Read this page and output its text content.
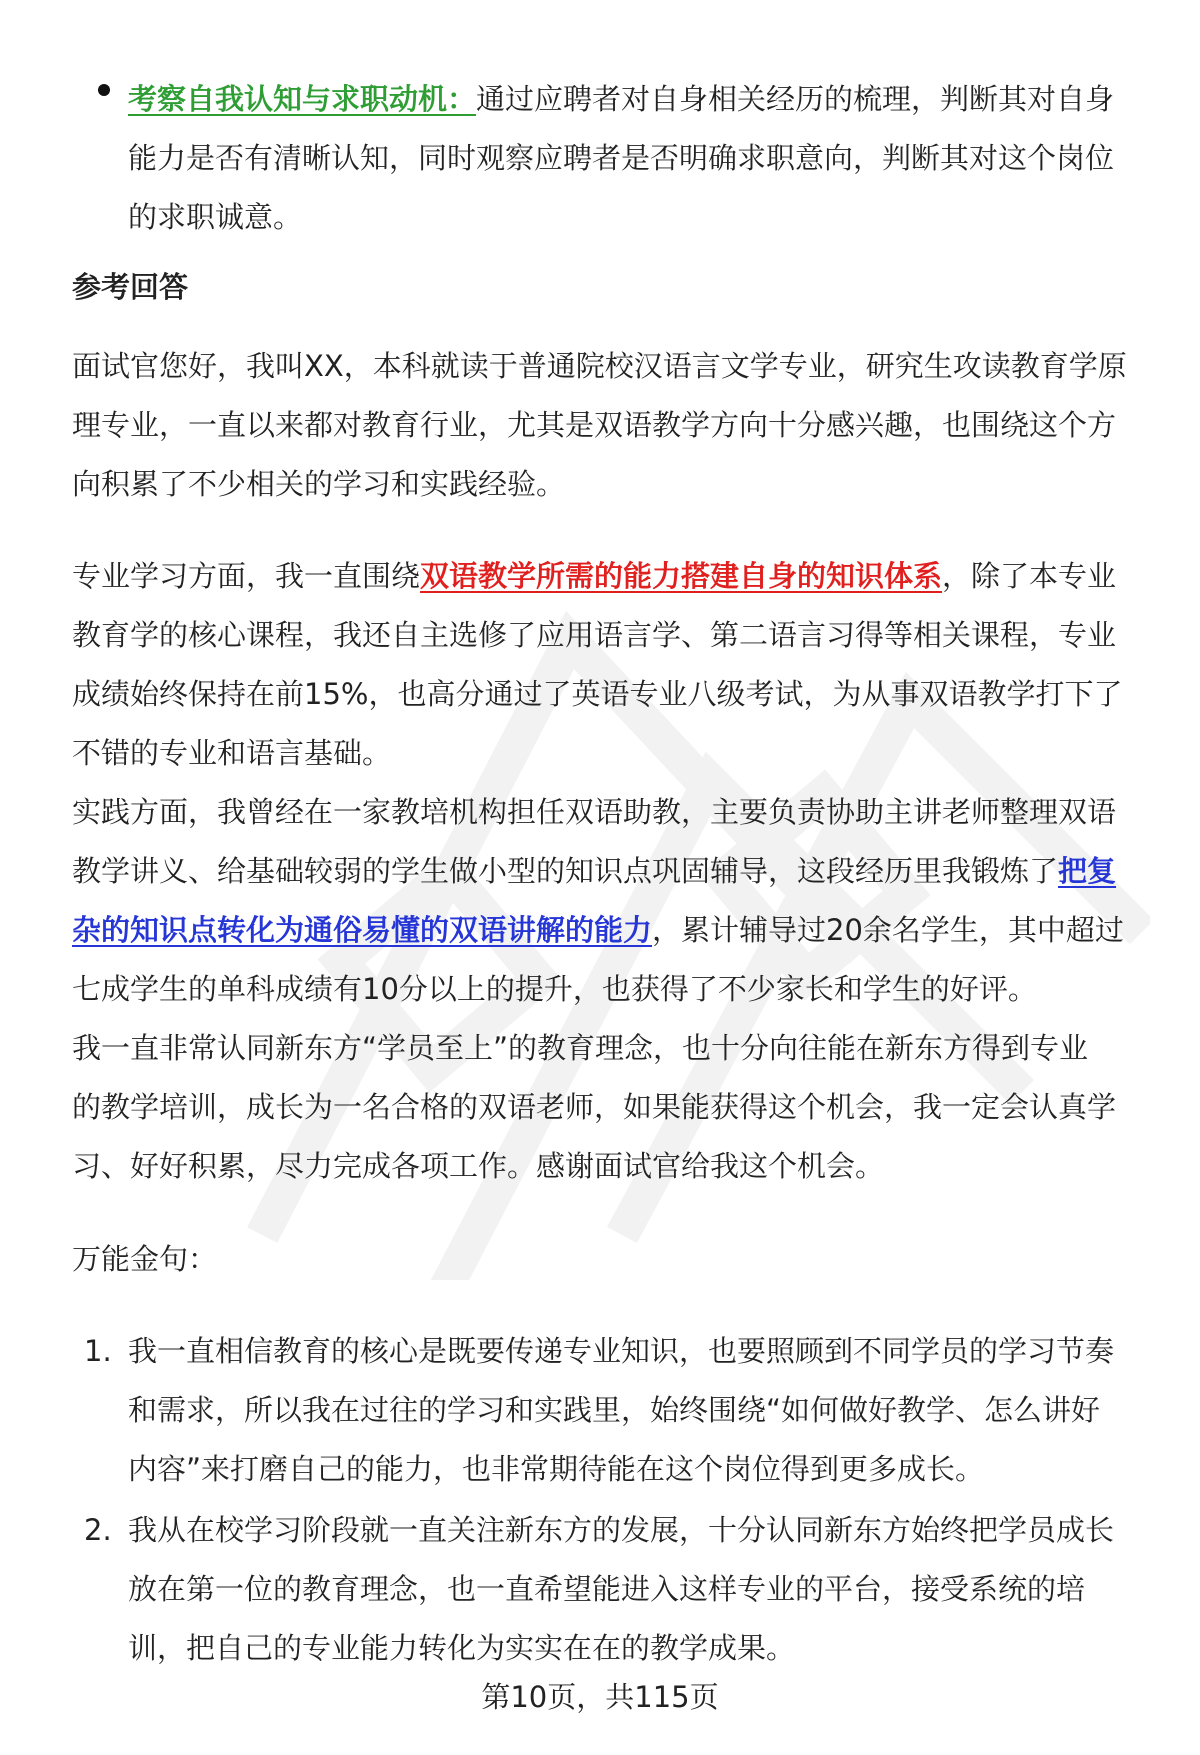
考察自我认知与求职动机：通过应聘者对自身相关经历的梳理，判断其对自身
能力是否有清晰认知，同时观察应聘者是否明确求职意向，判断其对这个岗位
的求职诚意。
参考回答
面试官您好，我叫XX，本科就读于普通院校汉语言文学专业，研究生攻读教育学原
理专业，一直以来都对教育行业，尤其是双语教学方向十分感兴趣，也围绕这个方
向积累了不少相关的学习和实践经验。
专业学习方面，我一直围绕双语教学所需的能力搭建自身的知识体系，除了本专业
教育学的核心课程，我还自主选修了应用语言学、第二语言习得等相关课程，专业
成绩始终保持在前15%，也高分通过了英语专业八级考试，为从事双语教学打下了
不错的专业和语言基础。
实践方面，我曾经在一家教培机构担任双语助教，主要负责协助主讲老师整理双语
教学讲义、给基础较弱的学生做小型的知识点巩固辅导，这段经历里我锻炼了把复
杂的知识点转化为通俗易懂的双语讲解的能力，累计辅导过20余名学生，其中超过
七成学生的单科成绩有10分以上的提升，也获得了不少家长和学生的好评。
我一直非常认同新东方“学员至上”的教育理念，也十分向往能在新东方得到专业
的教学培训，成长为一名合格的双语老师，如果能获得这个机会，我一定会认真学
习、好好积累，尽力完成各项工作。感谢面试官给我这个机会。
万能金句：
1. 我一直相信教育的核心是既要传递专业知识，也要照顾到不同学员的学习节奏
和需求，所以我在过往的学习和实践里，始终围绕“如何做好教学、怎么讲好
内容”来打磨自己的能力，也非常期待能在这个岗位得到更多成长。
2. 我从在校学习阶段就一直关注新东方的发展，十分认同新东方始终把学员成长
放在第一位的教育理念，也一直希望能进入这样专业的平台，接受系统的培
训，把自己的专业能力转化为实实在在的教学成果。
第10页，共115页
